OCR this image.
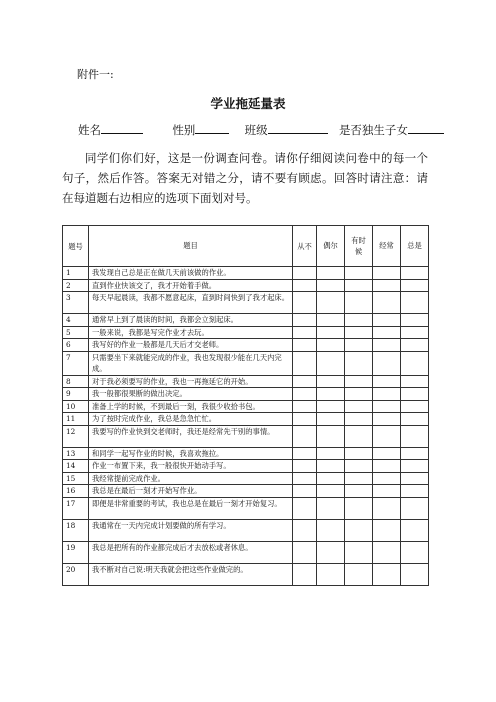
附件一:
学业拖延量表
姓名	性别	班级	是否独生子女
同学们你们好，这是一份调查问卷。请你仔细阅读问卷中的每一个句子，然后作答。答案无对错之分，请不要有顾虑。回答时请注意：请在每道题右边相应的选项下面划对号。
题号	题目	从不	偶尔	有时候	经常	总是
1	我发现自己总是正在做几天前该做的作业。					
2	直到作业快该交了，我才开始着手做。					
3	每天早起晨读，我都不愿意起床，直到时间快到了我才起床。					
4	通常早上到了晨读的时间，我都会立刻起床。					
5	一般来说，我都是写完作业才去玩。					
6	我写好的作业一般都是几天后才交老师。					
7	只需要坐下来就能完成的作业，我也发现很少能在几天内完成。					
8	对于我必须要写的作业，我也一再拖延它的开始。					
9	我一般都很果断的做出决定。					
10	准备上学的时候，不到最后一刻，我很少收拾书包。					
11	为了按时完成作业，我总是急急忙忙。					
12	我要写的作业快到交老师时，我还是经常先干别的事情。					
13	和同学一起写作业的时候，我喜欢拖拉。					
14	作业一布置下来，我一般很快开始动手写。					
15	我经常提前完成作业。					
16	我总是在最后一刻才开始写作业。					
17	即便是非常重要的考试，我也总是在最后一刻才开始复习。					
18	我通常在一天内完成计划要做的所有学习。					
19	我总是把所有的作业都完成后才去放松或者休息。					
20	我不断对自己说:明天我就会把这些作业做完的。					
